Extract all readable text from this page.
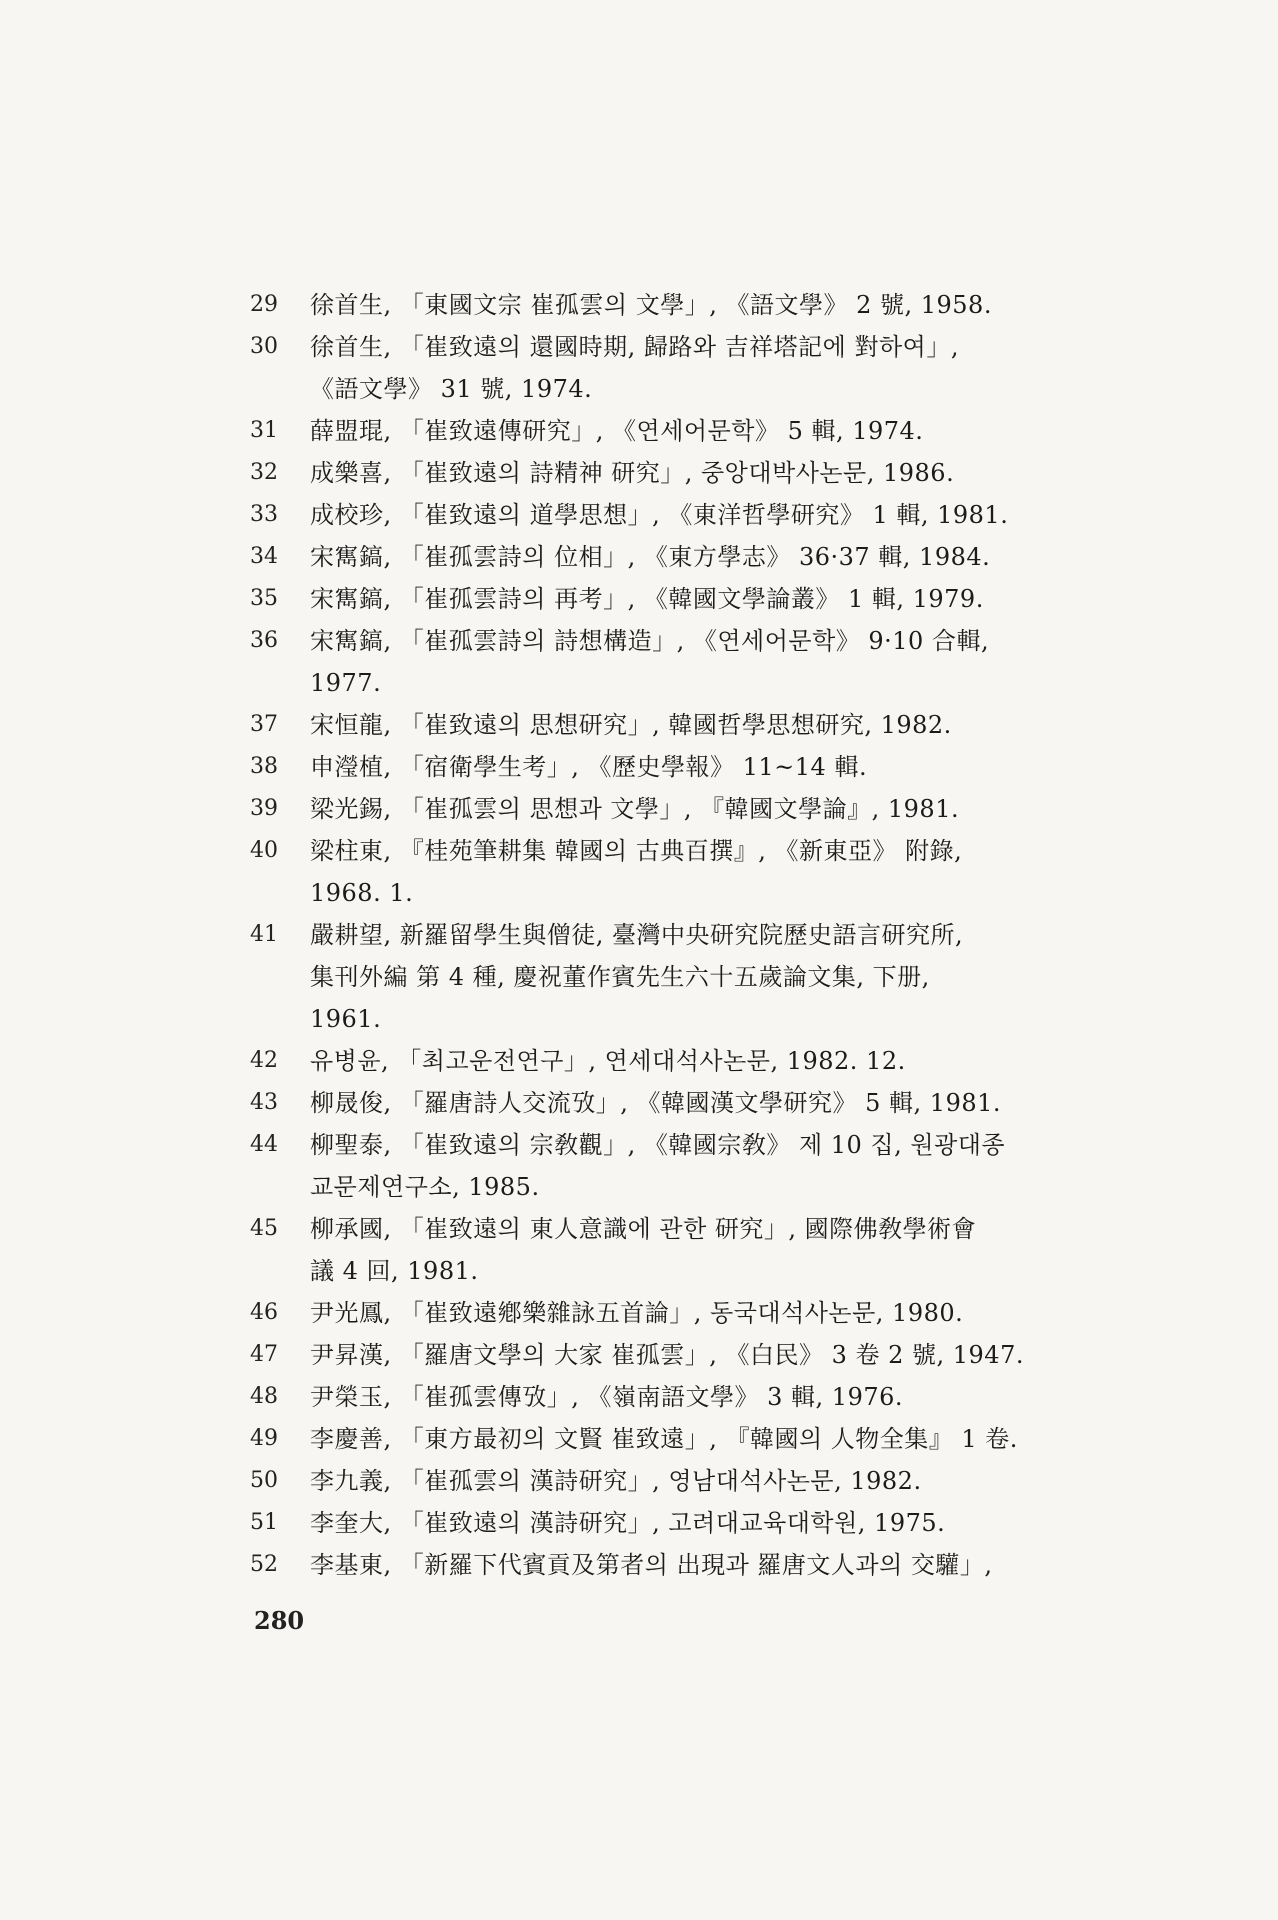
29	徐首生, 「東國文宗 崔孤雲의 文學」, 《語文學》 2 號, 1958.
30	徐首生, 「崔致遠의 還國時期, 歸路와 吉祥塔記에 對하여」,
《語文學》 31 號, 1974.
31	薛盟琨, 「崔致遠傳研究」, 《연세어문학》 5 輯, 1974.
32	成樂喜, 「崔致遠의 詩精神 研究」, 중앙대박사논문, 1986.
33	成校珍, 「崔致遠의 道學思想」, 《東洋哲學研究》 1 輯, 1981.
34	宋寯鎬, 「崔孤雲詩의 位相」, 《東方學志》 36·37 輯, 1984.
35	宋寯鎬, 「崔孤雲詩의 再考」, 《韓國文學論叢》 1 輯, 1979.
36	宋寯鎬, 「崔孤雲詩의 詩想構造」, 《연세어문학》 9·10 合輯,
1977.
37	宋恒龍, 「崔致遠의 思想研究」, 韓國哲學思想研究, 1982.
38	申瀅植, 「宿衛學生考」, 《歷史學報》 11~14 輯.
39	梁光錫, 「崔孤雲의 思想과 文學」, 『韓國文學論』, 1981.
40	梁柱東, 『桂苑筆耕集 韓國의 古典百撰』, 《新東亞》 附錄,
1968. 1.
41	嚴耕望, 新羅留學生與僧徒, 臺灣中央研究院歷史語言研究所,
集刊外編 第 4 種, 慶祝董作賓先生六十五歲論文集, 下册,
1961.
42	유병윤, 「최고운전연구」, 연세대석사논문, 1982. 12.
43	柳晟俊, 「羅唐詩人交流攷」, 《韓國漢文學研究》 5 輯, 1981.
44	柳聖泰, 「崔致遠의 宗敎觀」, 《韓國宗敎》 제 10 집, 원광대종
교문제연구소, 1985.
45	柳承國, 「崔致遠의 東人意識에 관한 研究」, 國際佛敎學術會
議 4 回, 1981.
46	尹光鳳, 「崔致遠鄕樂雜詠五首論」, 동국대석사논문, 1980.
47	尹昇漢, 「羅唐文學의 大家 崔孤雲」, 《白民》 3 卷 2 號, 1947.
48	尹榮玉, 「崔孤雲傳攷」, 《嶺南語文學》 3 輯, 1976.
49	李慶善, 「東方最初의 文賢 崔致遠」, 『韓國의 人物全集』 1 卷.
50	李九義, 「崔孤雲의 漢詩研究」, 영남대석사논문, 1982.
51	李奎大, 「崔致遠의 漢詩研究」, 고려대교육대학원, 1975.
52	李基東, 「新羅下代賓貢及第者의 出現과 羅唐文人과의 交驩」,
280
